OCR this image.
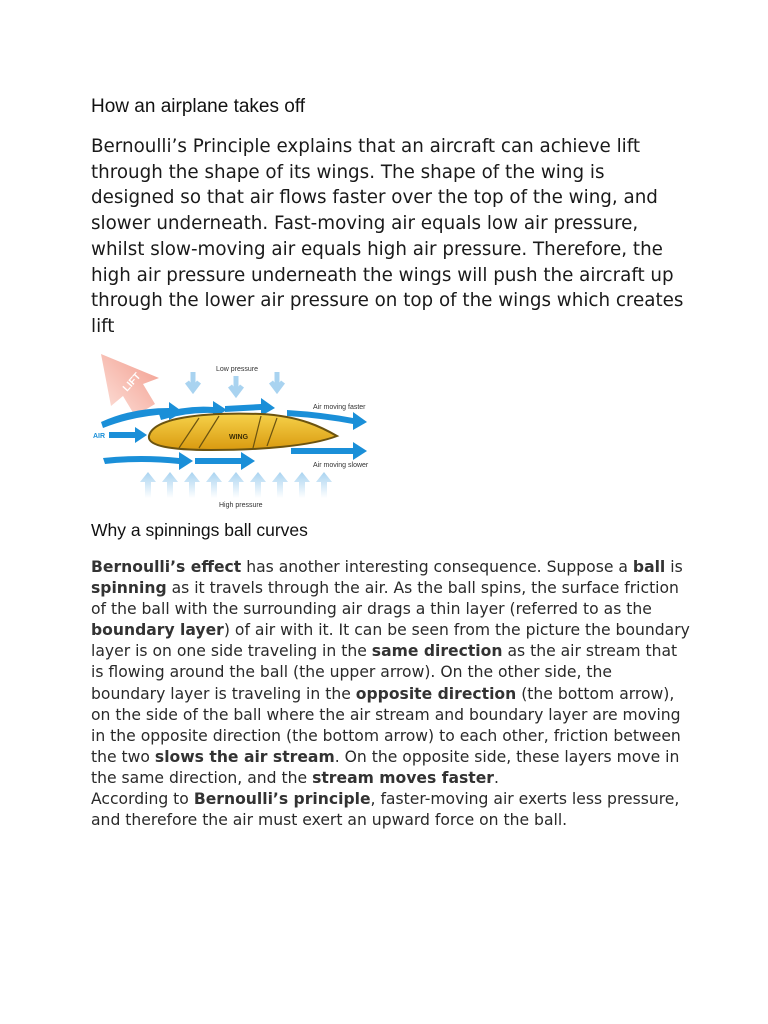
How an airplane takes off

Bernoulli’s Principle explains that an aircraft can achieve lift through the shape of its wings. The shape of the wing is designed so that air flows faster over the top of the wing, and slower underneath. Fast-moving air equals low air pressure, whilst slow-moving air equals high air pressure. Therefore, the high air pressure underneath the wings will push the aircraft up through the lower air pressure on top of the wings which creates lift

LIFT
Low pressure
Air moving faster
AIR	WING
Air moving slower
High pressure
Why a spinnings ball curves

Bernoulli’s effect has another interesting consequence. Suppose a ball is spinning as it travels through the air. As the ball spins, the surface friction of the ball with the surrounding air drags a thin layer (referred to as the boundary layer) of air with it. It can be seen from the picture the boundary layer is on one side traveling in the same direction as the air stream that is flowing around the ball (the upper arrow). On the other side, the boundary layer is traveling in the opposite direction (the bottom arrow), on the side of the ball where the air stream and boundary layer are moving in the opposite direction (the bottom arrow) to each other, friction between the two slows the air stream. On the opposite side, these layers move in the same direction, and the stream moves faster.
According to Bernoulli’s principle, faster-moving air exerts less pressure, and therefore the air must exert an upward force on the ball.
